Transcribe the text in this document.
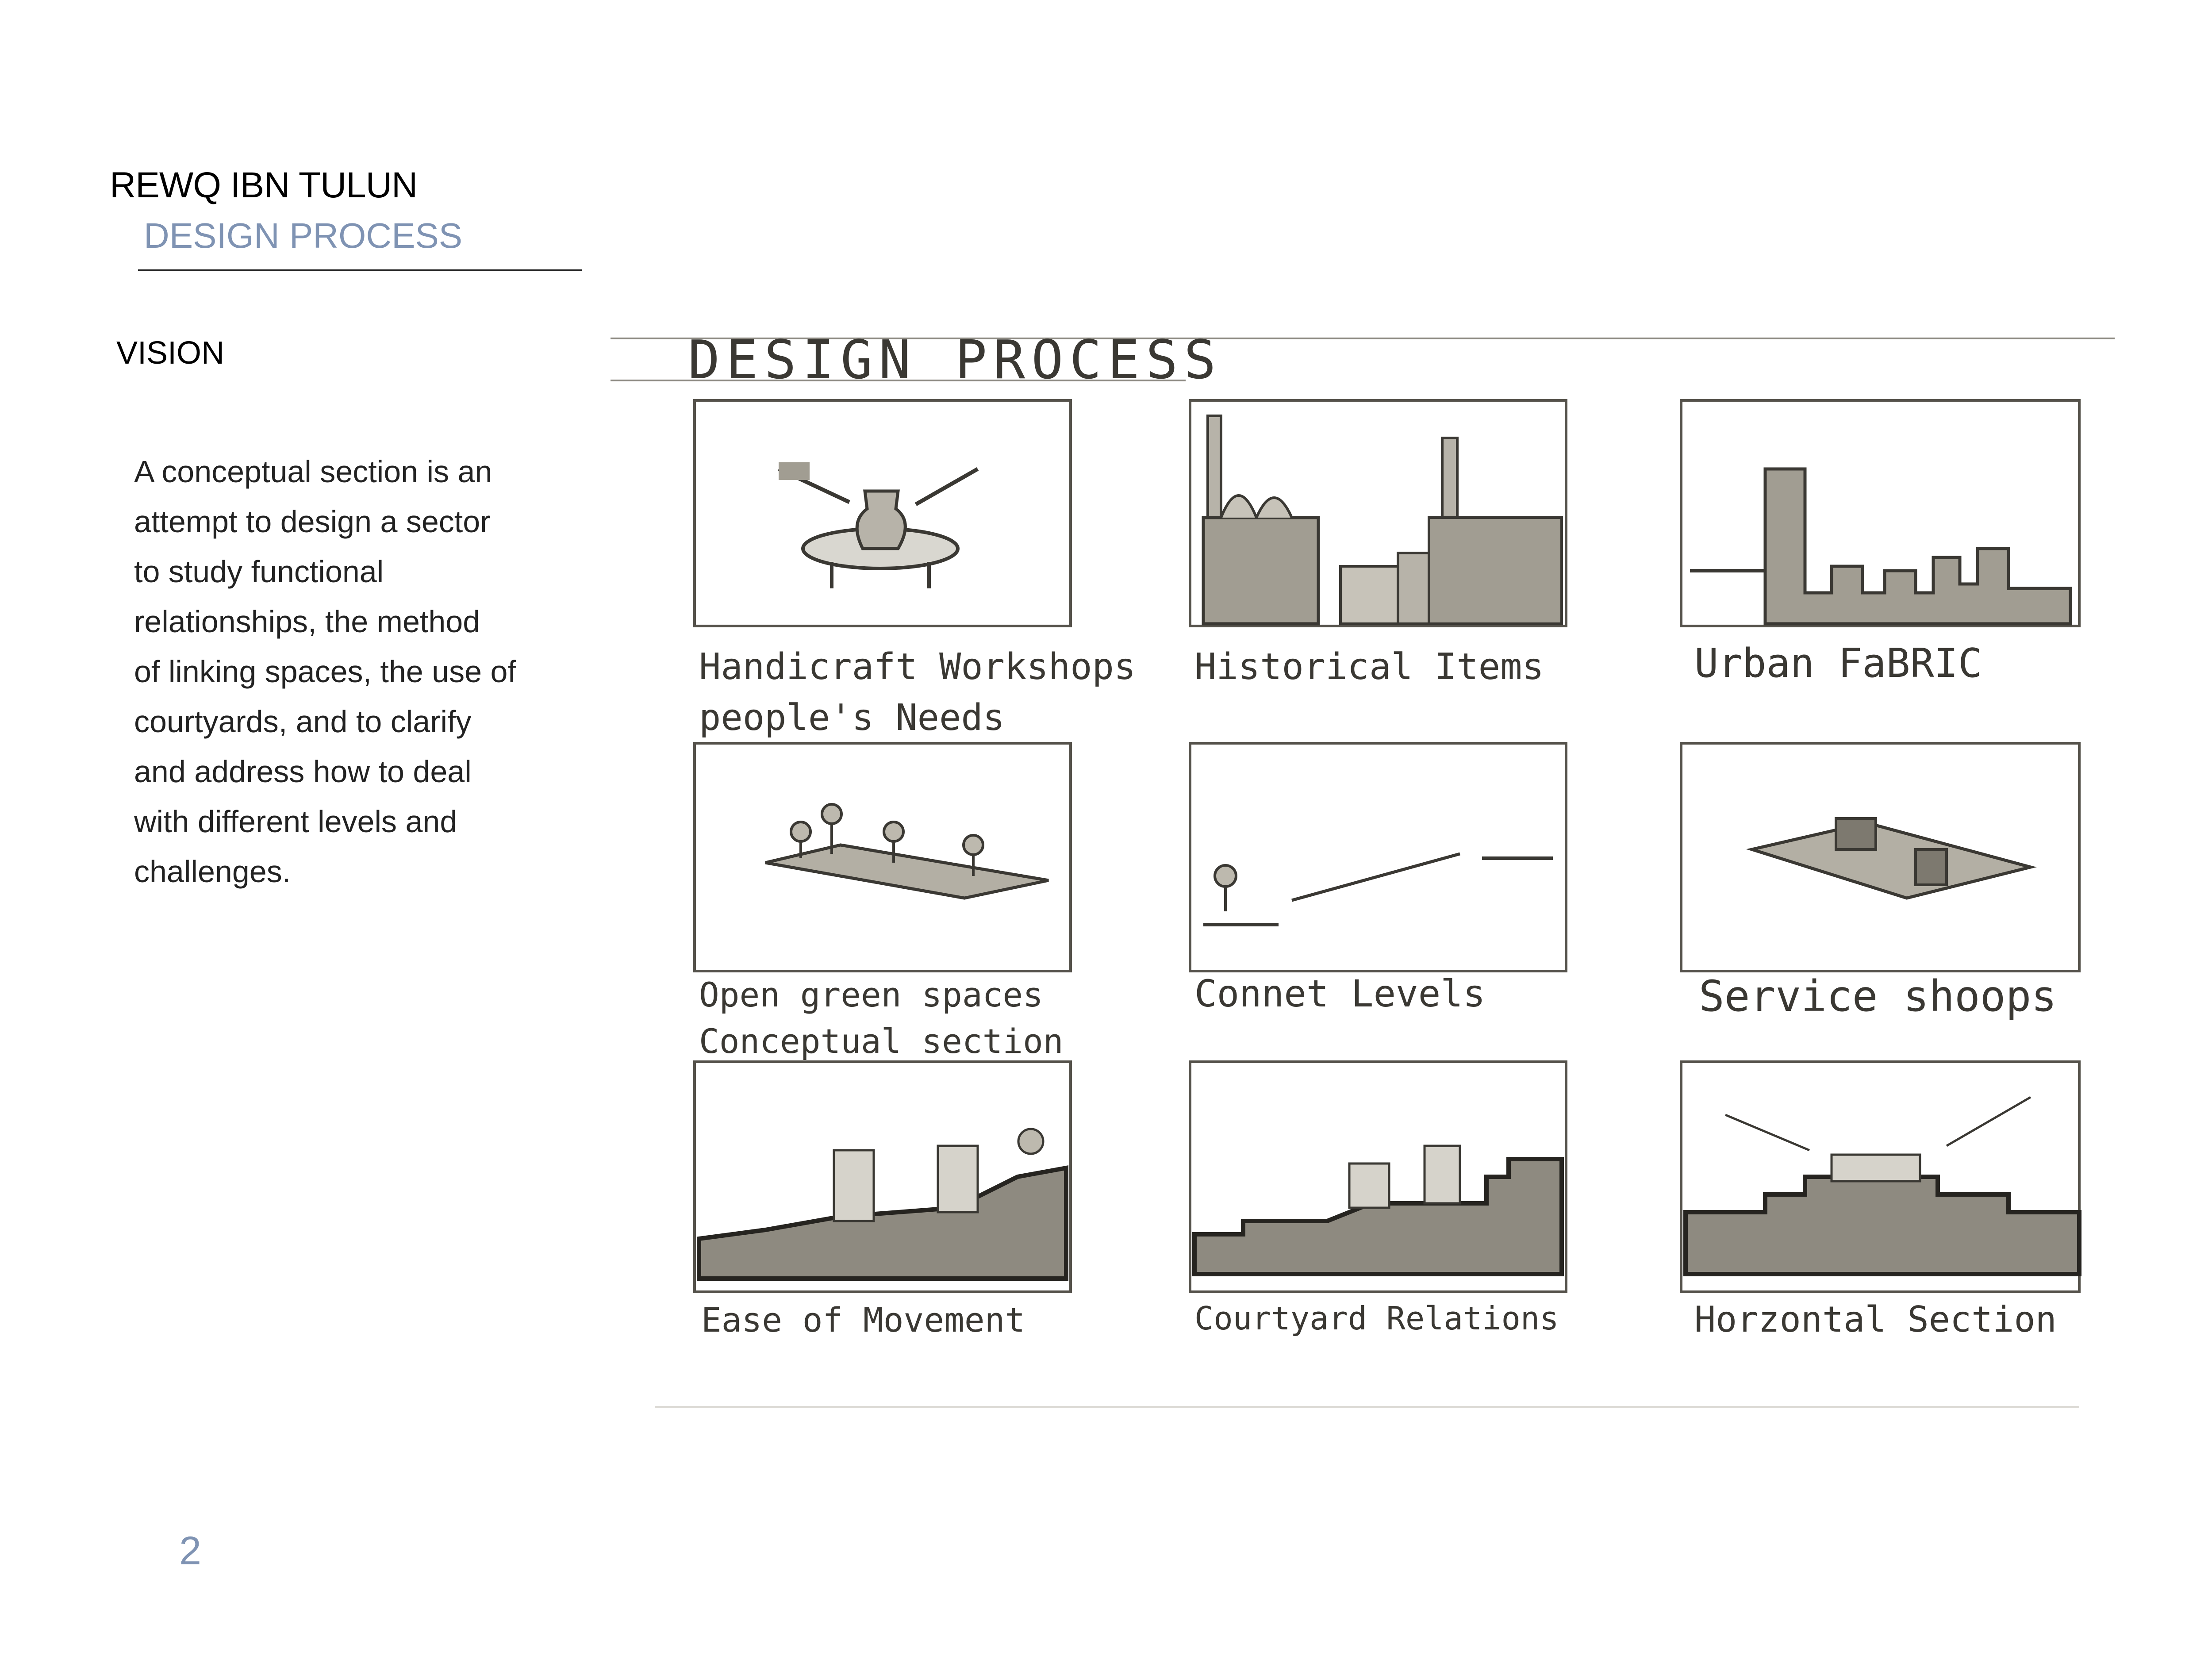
REWQ IBN TULUN
DESIGN PROCESS
VISION
A conceptual section is an
attempt to design a sector
to study functional
relationships, the method
of linking spaces, the use of
courtyards, and to clarify
and address how to deal
with different levels and
challenges.
DESIGN PROCESS
Handicraft Workshops
people's Needs
Historical Items	Urban FaBRIC
Open green spaces
Conceptual section
Connet Levels	Service shoops
Ease of Movement	Courtyard Relations	Horzontal Section
2
